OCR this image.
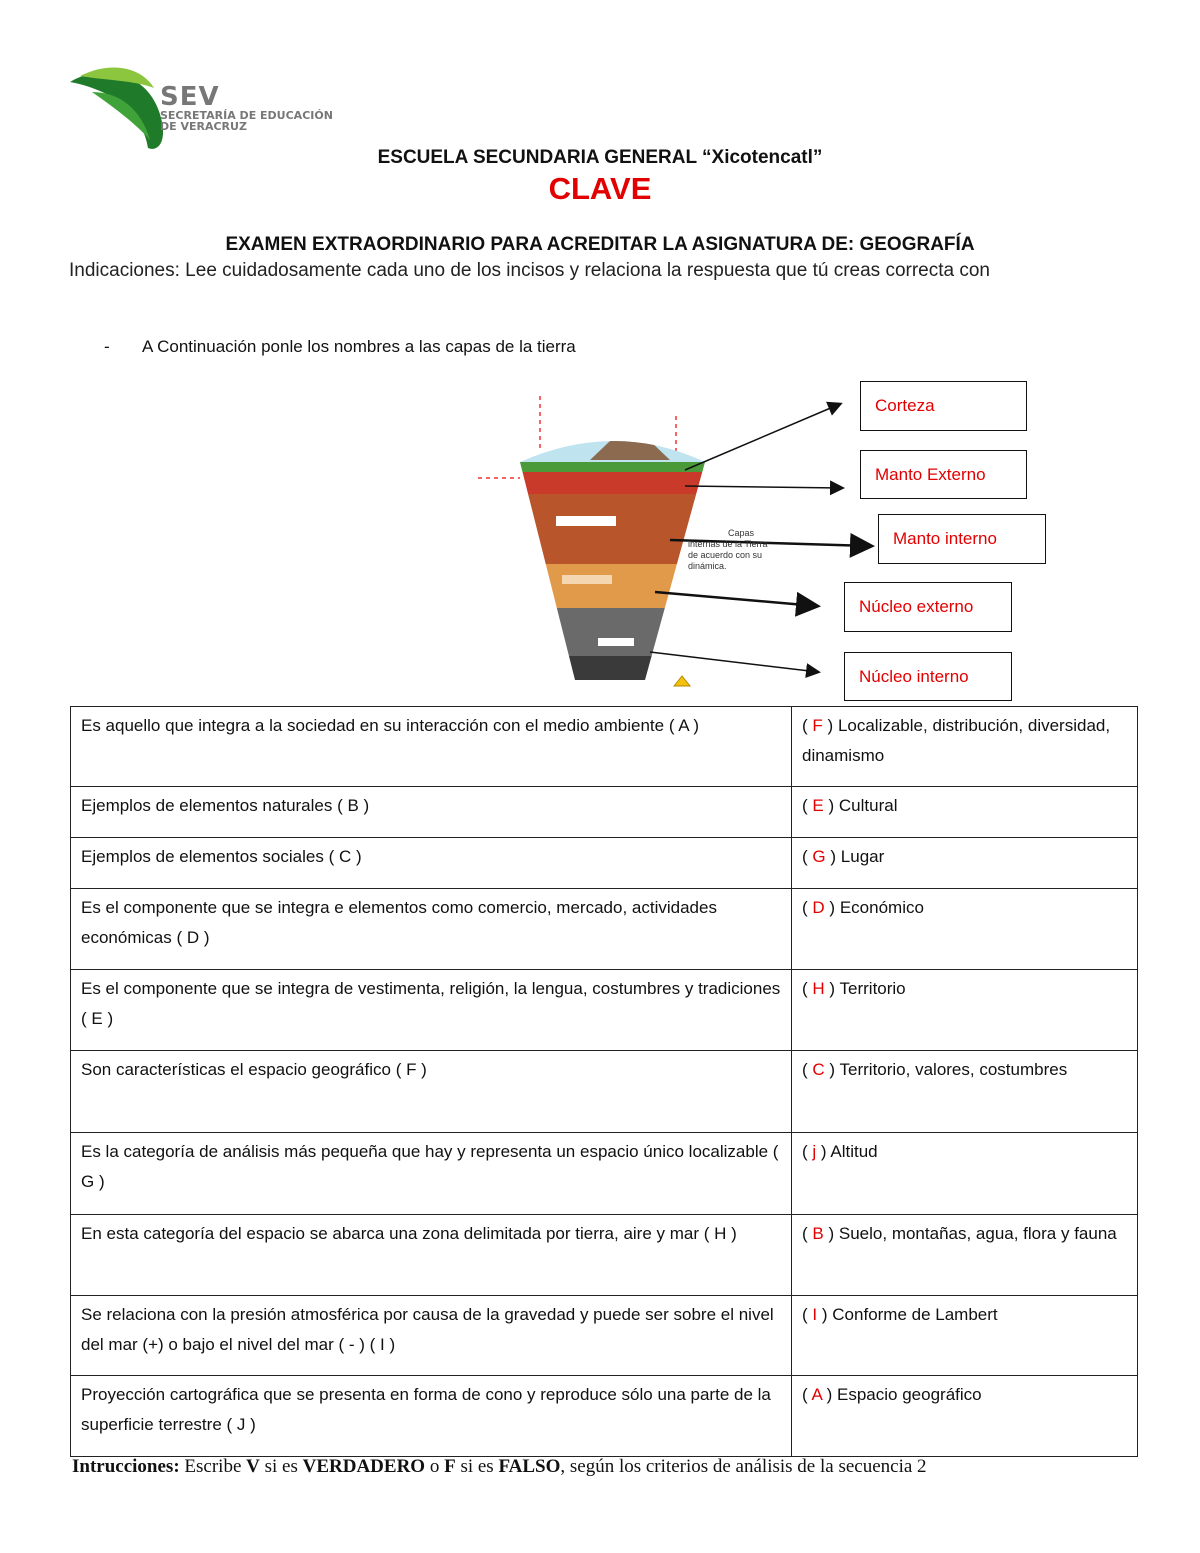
SEV
SECRETARÍA DE EDUCACIÓN
DE VERACRUZ
ESCUELA SECUNDARIA GENERAL “Xicotencatl”
CLAVE
EXAMEN EXTRAORDINARIO PARA ACREDITAR LA ASIGNATURA DE: GEOGRAFÍA
Indicaciones: Lee cuidadosamente cada uno de los incisos y relaciona la respuesta que tú creas correcta con
- A Continuación ponle los nombres a las capas de la tierra
Capas
internas de la Tierra
de acuerdo con su
dinámica.
Corteza
Manto Externo
Manto interno
Núcleo externo
Núcleo interno
Es aquello que integra a la sociedad en su interacción con el medio ambiente ( A )	( F ) Localizable, distribución, diversidad, dinamismo
Ejemplos de elementos naturales ( B )	( E ) Cultural
Ejemplos de elementos sociales ( C )	( G ) Lugar
Es el componente que se integra e elementos como comercio, mercado, actividades económicas ( D )	( D ) Económico
Es el componente que se integra de vestimenta, religión, la lengua, costumbres y tradiciones ( E )	( H ) Territorio
Son características el espacio geográfico ( F )	( C ) Territorio, valores, costumbres
Es la categoría de análisis más pequeña que hay y representa un espacio único localizable ( G )	( j ) Altitud
En esta categoría del espacio se abarca una zona delimitada por tierra, aire y mar ( H )	( B ) Suelo, montañas, agua, flora y fauna
Se relaciona con la presión atmosférica por causa de la gravedad y puede ser sobre el nivel del mar (+) o bajo el nivel del mar ( - ) ( I )	( I ) Conforme de Lambert
Proyección cartográfica que se presenta en forma de cono y reproduce sólo una parte de la superficie terrestre ( J )	( A ) Espacio geográfico
Intrucciones: Escribe V si es VERDADERO o F si es FALSO, según los criterios de análisis de la secuencia 2
